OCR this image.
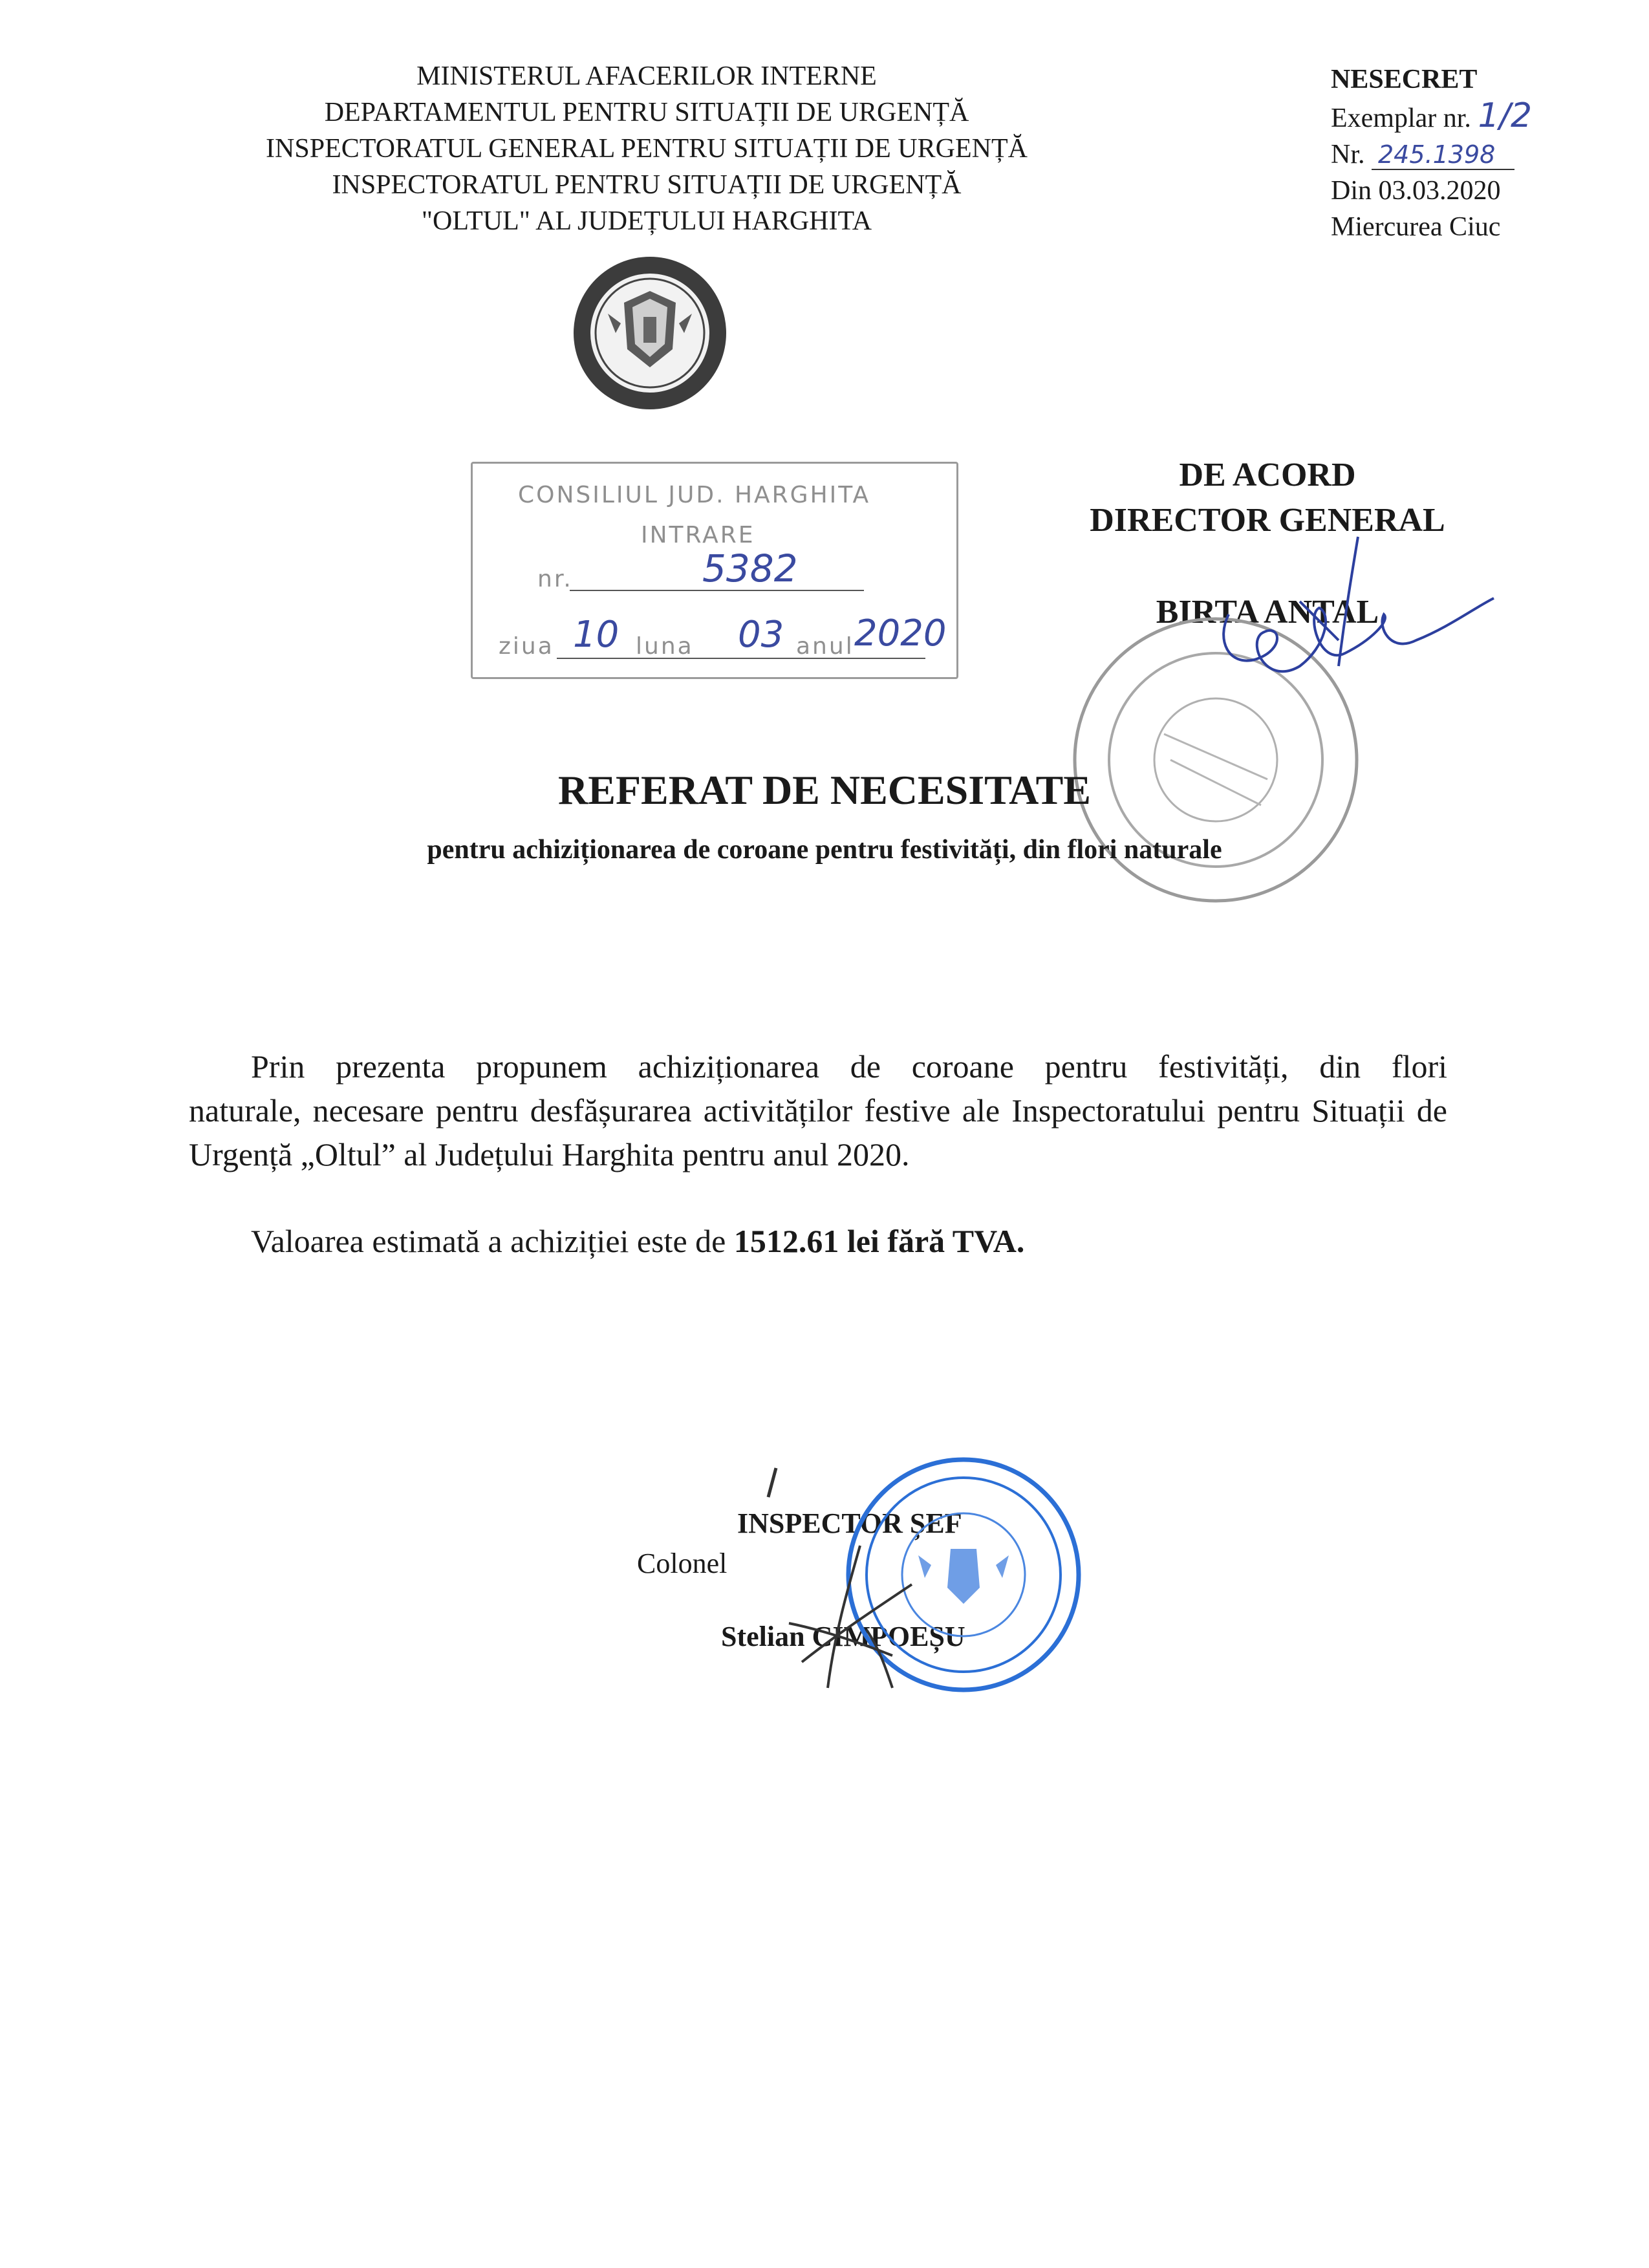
MINISTERUL AFACERILOR INTERNE
DEPARTAMENTUL PENTRU SITUAȚII DE URGENȚĂ
INSPECTORATUL GENERAL PENTRU SITUAȚII DE URGENȚĂ
INSPECTORATUL PENTRU SITUAȚII DE URGENȚĂ
"OLTUL" AL JUDEȚULUI HARGHITA
NESECRET
Exemplar nr. 1/2
Nr. 245.1398
Din 03.03.2020
Miercurea Ciuc
CONSILIUL JUD. HARGHITA
INTRARE
nr.	5382
ziua 10 luna 03 anul 2020
DE ACORD
DIRECTOR GENERAL
BIRTA ANTAL
REFERAT DE NECESITATE
pentru achiziționarea de coroane pentru festivități, din flori naturale
Prin prezenta propunem achiziționarea de coroane pentru festivități, din flori
naturale, necesare pentru desfășurarea activităților festive ale Inspectoratului pentru Situații de Urgență „Oltul” al Județului Harghita pentru anul 2020.
Valoarea estimată a achiziției este de 1512.61 lei fără TVA.
INSPECTOR ȘEF
Colonel
Stelian CIMPOEȘU
